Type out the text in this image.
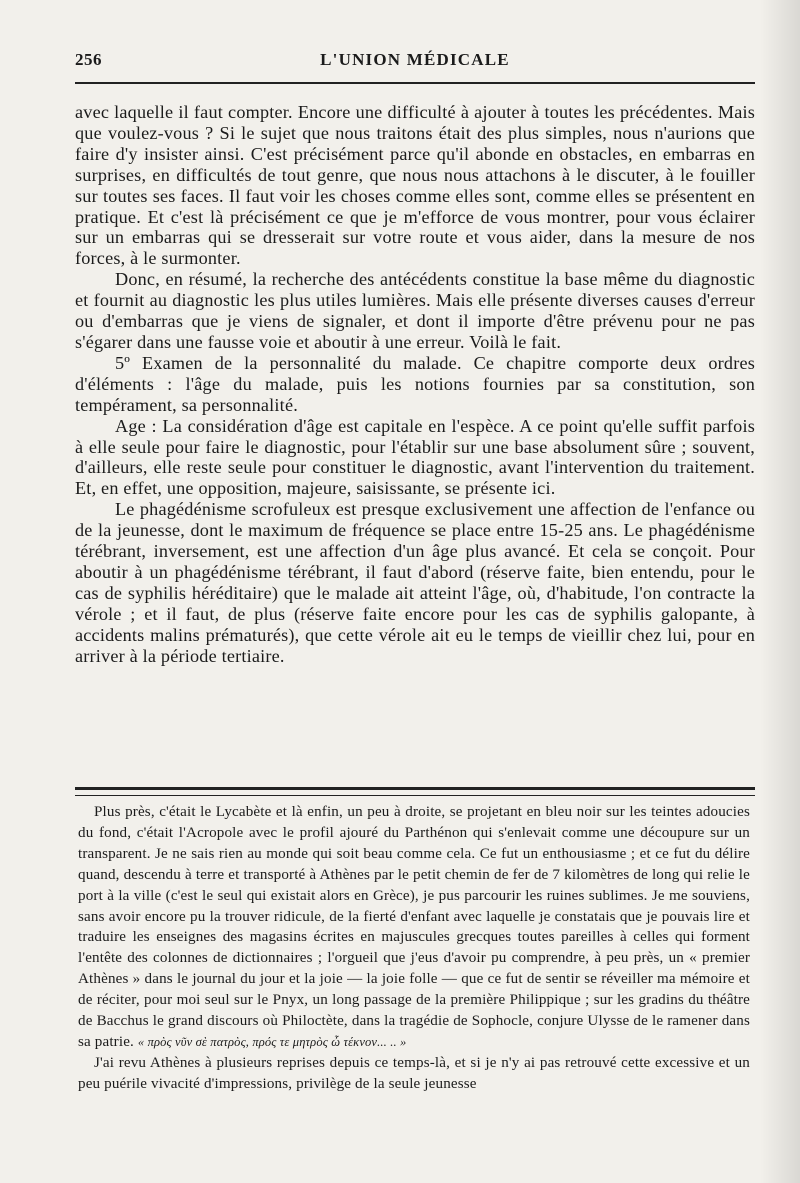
256	L'UNION MÉDICALE

avec laquelle il faut compter. Encore une difficulté à ajouter à toutes les précédentes. Mais que voulez-vous ? Si le sujet que nous traitons était des plus simples, nous n'aurions que faire d'y insister ainsi. C'est précisément parce qu'il abonde en obstacles, en embarras en surprises, en difficultés de tout genre, que nous nous attachons à le discuter, à le fouiller sur toutes ses faces. Il faut voir les choses comme elles sont, comme elles se présentent en pratique. Et c'est là précisément ce que je m'efforce de vous montrer, pour vous éclairer sur un embarras qui se dresserait sur votre route et vous aider, dans la mesure de nos forces, à le surmonter.

Donc, en résumé, la recherche des antécédents constitue la base même du diagnostic et fournit au diagnostic les plus utiles lumières. Mais elle présente diverses causes d'erreur ou d'embarras que je viens de signaler, et dont il importe d'être prévenu pour ne pas s'égarer dans une fausse voie et aboutir à une erreur. Voilà le fait.

5º Examen de la personnalité du malade. Ce chapitre comporte deux ordres d'éléments : l'âge du malade, puis les notions fournies par sa constitution, son tempérament, sa personnalité.

Age : La considération d'âge est capitale en l'espèce. A ce point qu'elle suffit parfois à elle seule pour faire le diagnostic, pour l'établir sur une base absolument sûre ; souvent, d'ailleurs, elle reste seule pour constituer le diagnostic, avant l'intervention du traitement. Et, en effet, une opposition, majeure, saisissante, se présente ici.

Le phagédénisme scrofuleux est presque exclusivement une affection de l'enfance ou de la jeunesse, dont le maximum de fréquence se place entre 15-25 ans. Le phagédénisme térébrant, inversement, est une affection d'un âge plus avancé. Et cela se conçoit. Pour aboutir à un phagédénisme térébrant, il faut d'abord (réserve faite, bien entendu, pour le cas de syphilis héréditaire) que le malade ait atteint l'âge, où, d'habitude, l'on contracte la vérole ; et il faut, de plus (réserve faite encore pour les cas de syphilis galopante, à accidents malins prématurés), que cette vérole ait eu le temps de vieillir chez lui, pour en arriver à la période tertiaire.

Plus près, c'était le Lycabète et là enfin, un peu à droite, se projetant en bleu noir sur les teintes adoucies du fond, c'était l'Acropole avec le profil ajouré du Parthénon qui s'enlevait comme une découpure sur un transparent. Je ne sais rien au monde qui soit beau comme cela. Ce fut un enthousiasme ; et ce fut du délire quand, descendu à terre et transporté à Athènes par le petit chemin de fer de 7 kilomètres de long qui relie le port à la ville (c'est le seul qui existait alors en Grèce), je pus parcourir les ruines sublimes. Je me souviens, sans avoir encore pu la trouver ridicule, de la fierté d'enfant avec laquelle je constatais que je pouvais lire et traduire les enseignes des magasins écrites en majuscules grecques toutes pareilles à celles qui forment l'entête des colonnes de dictionnaires ; l'orgueil que j'eus d'avoir pu comprendre, à peu près, un « premier Athènes » dans le journal du jour et la joie — la joie folle — que ce fut de sentir se réveiller ma mémoire et de réciter, pour moi seul sur le Pnyx, un long passage de la première Philippique ; sur les gradins du théâtre de Bacchus le grand discours où Philoctète, dans la tragédie de Sophocle, conjure Ulysse de le ramener dans sa patrie. « πρὸς νῦν σὲ πατρὸς, πρός τε μητρὸς ὦ τέκνον... .. »

J'ai revu Athènes à plusieurs reprises depuis ce temps-là, et si je n'y ai pas retrouvé cette excessive et un peu puérile vivacité d'impressions, privilège de la seule jeunesse
